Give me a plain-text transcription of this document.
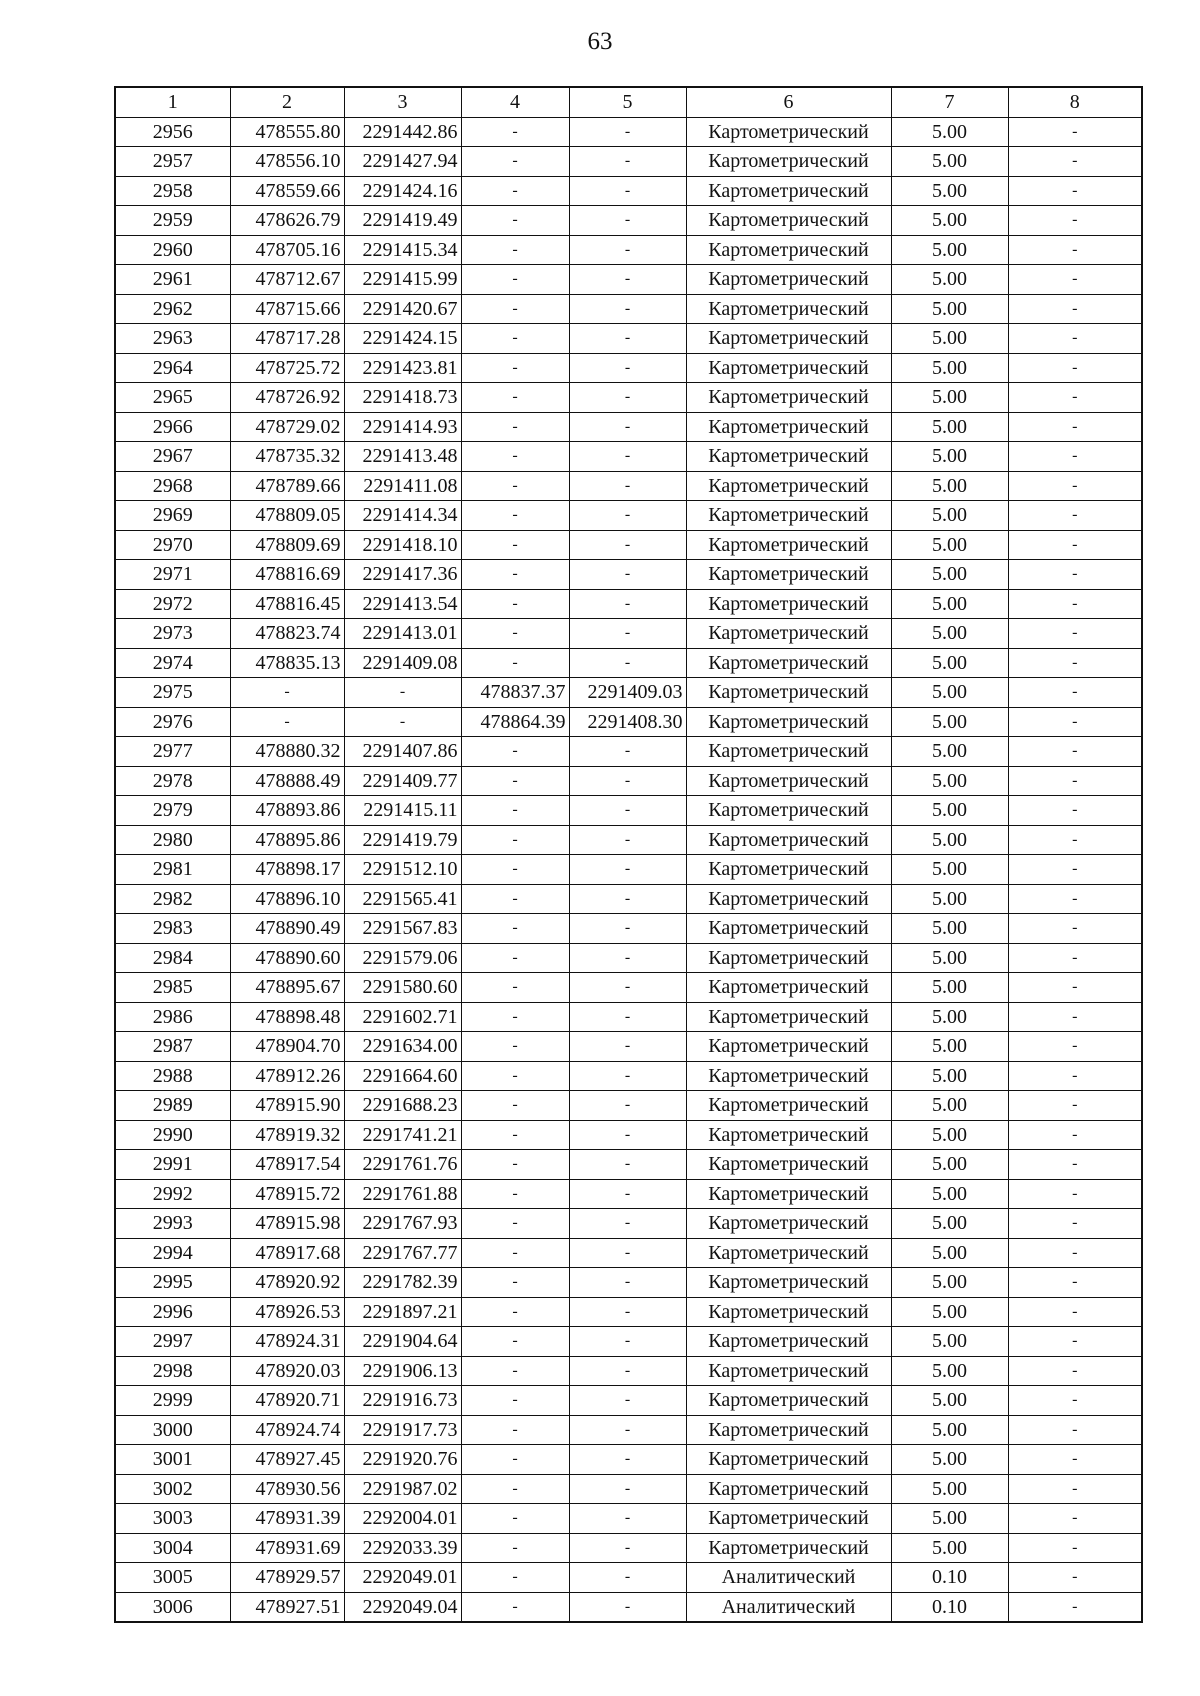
63
1	2	3	4	5	6	7	8
2956	478555.80	2291442.86	-	-	Картометрический	5.00	-
2957	478556.10	2291427.94	-	-	Картометрический	5.00	-
2958	478559.66	2291424.16	-	-	Картометрический	5.00	-
2959	478626.79	2291419.49	-	-	Картометрический	5.00	-
2960	478705.16	2291415.34	-	-	Картометрический	5.00	-
2961	478712.67	2291415.99	-	-	Картометрический	5.00	-
2962	478715.66	2291420.67	-	-	Картометрический	5.00	-
2963	478717.28	2291424.15	-	-	Картометрический	5.00	-
2964	478725.72	2291423.81	-	-	Картометрический	5.00	-
2965	478726.92	2291418.73	-	-	Картометрический	5.00	-
2966	478729.02	2291414.93	-	-	Картометрический	5.00	-
2967	478735.32	2291413.48	-	-	Картометрический	5.00	-
2968	478789.66	2291411.08	-	-	Картометрический	5.00	-
2969	478809.05	2291414.34	-	-	Картометрический	5.00	-
2970	478809.69	2291418.10	-	-	Картометрический	5.00	-
2971	478816.69	2291417.36	-	-	Картометрический	5.00	-
2972	478816.45	2291413.54	-	-	Картометрический	5.00	-
2973	478823.74	2291413.01	-	-	Картометрический	5.00	-
2974	478835.13	2291409.08	-	-	Картометрический	5.00	-
2975	-	-	478837.37	2291409.03	Картометрический	5.00	-
2976	-	-	478864.39	2291408.30	Картометрический	5.00	-
2977	478880.32	2291407.86	-	-	Картометрический	5.00	-
2978	478888.49	2291409.77	-	-	Картометрический	5.00	-
2979	478893.86	2291415.11	-	-	Картометрический	5.00	-
2980	478895.86	2291419.79	-	-	Картометрический	5.00	-
2981	478898.17	2291512.10	-	-	Картометрический	5.00	-
2982	478896.10	2291565.41	-	-	Картометрический	5.00	-
2983	478890.49	2291567.83	-	-	Картометрический	5.00	-
2984	478890.60	2291579.06	-	-	Картометрический	5.00	-
2985	478895.67	2291580.60	-	-	Картометрический	5.00	-
2986	478898.48	2291602.71	-	-	Картометрический	5.00	-
2987	478904.70	2291634.00	-	-	Картометрический	5.00	-
2988	478912.26	2291664.60	-	-	Картометрический	5.00	-
2989	478915.90	2291688.23	-	-	Картометрический	5.00	-
2990	478919.32	2291741.21	-	-	Картометрический	5.00	-
2991	478917.54	2291761.76	-	-	Картометрический	5.00	-
2992	478915.72	2291761.88	-	-	Картометрический	5.00	-
2993	478915.98	2291767.93	-	-	Картометрический	5.00	-
2994	478917.68	2291767.77	-	-	Картометрический	5.00	-
2995	478920.92	2291782.39	-	-	Картометрический	5.00	-
2996	478926.53	2291897.21	-	-	Картометрический	5.00	-
2997	478924.31	2291904.64	-	-	Картометрический	5.00	-
2998	478920.03	2291906.13	-	-	Картометрический	5.00	-
2999	478920.71	2291916.73	-	-	Картометрический	5.00	-
3000	478924.74	2291917.73	-	-	Картометрический	5.00	-
3001	478927.45	2291920.76	-	-	Картометрический	5.00	-
3002	478930.56	2291987.02	-	-	Картометрический	5.00	-
3003	478931.39	2292004.01	-	-	Картометрический	5.00	-
3004	478931.69	2292033.39	-	-	Картометрический	5.00	-
3005	478929.57	2292049.01	-	-	Аналитический	0.10	-
3006	478927.51	2292049.04	-	-	Аналитический	0.10	-
